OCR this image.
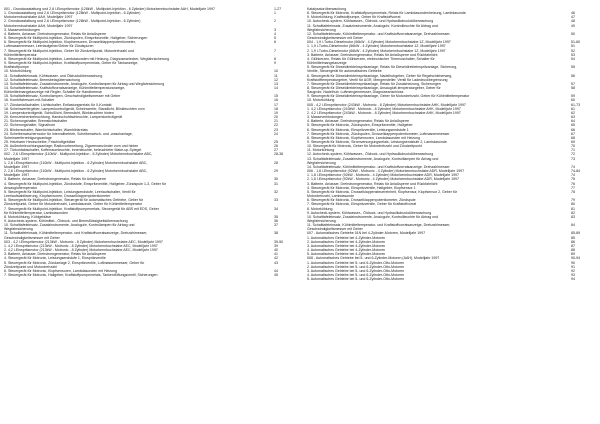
001 - Grundausstattung und 2,6 l-Einspritzmotor (128kW - Multipoint-Injektion - 6 Zylinder) Motorkennbuchstabe AAH, Modelljahr 1997	1-27
1. Grundausstattung und 2,6 l-Einspritzmotor (128kW - Multipoint-Injektion - 6 Zylinder)	1
Motorkennbuchstabe AAH, Modelljahr 1997
2. Grundausstattung und 2,6 l-Einspritzmotor (128kW - Multipoint-Injektion - 6 Zylinder)	2
Motorkennbuchstabe AAH, Modelljahr 1997
3. Masseverbindungen	3
4. Batterie, Anlasser, Drehstromgenerator, Relais für Anlaßsperre	4
5. Steuergerät für Multipoint-Injektion, Zündspulen, Einspritzventile, Hallgeber, Sicherungen	5
6. Steuergerät für Multipoint-Injektion, Klopfsensoren, Drosselklappenpotentiometer,	6
Luftmassenmesser, Leerlaufgeber/Geber für Zündspuren
7. Steuergerät für Multipoint-Injektion, Geber für Zündzeitpunkt, Motordrehzahl und	7
Kühlmitteltemperatur
8. Steuergerät für Multipoint-Injektion, Lambdasonden mit Heizung, Diagnoseselecker, Wegfahrsicherung	8
9. Steuergerät für Multipoint-Injektion, Kraftstoffpumpenrelais, Geber für Tankanzeige,	9
Kraftstoffpumpe
10. Motorkühlung	10
11. Schalttafeleinsatz, Kühlwasser- und Öldruckdüberwachung	11
12. Schalttafeleinsatz, Bremsbelagüberwachung	12
13. Schalttafeleinsatz, Zusatzinstrumente, Analoguhr, Kontrollampen für Airbag und Wegfahrsicherung	13
14. Schalttafeleinsatz, Kraftstoffvorratsanzeige, Kühlmitteltemperaturanzeige,	14
Kühlmittelmangelanzeige mit Regler, Schalter für Handbremse
15. Schalttafeleinsatz, Kontrollampen, Geschwindigkeitsmesser mit Geber	15
16. Kombifahrrsuer-mit-Schalter	16
17. Zündanlaßschalter, Lichtschalter, Entlastungsrelais für X-Kontakt	17
18. Scheinwerfergeber, Lampenkontrollgerät, Scheinwerfer, Standlicht, Blinkleuchten vorn	18
19. Lampenkontrollgerät, Schlußlicht, Bremslicht, Blinkleuchten hinten	19
20. Kennzeichenbeleuchtung, Handschuhfachleuchte, Lampenkontrollgerät	20
21. Sicherungshalter, Bremslichtschalter	21
22. Sicherungshalter, Signalhorn	22
23. Blinkerschalter, Warnlichtschalter, Warnblinkrelais	23
24. Scheibenwischermotor für Intervallbetrieb, Scheibenwisch- und -waschanlage,	24
Scheinwerferreinigungsanlage
25. Heizbarer Heckscheibe, Frischluftgebläse	25
26. Außenbeleuchtungsanlage; Radiovorbereitung, Zigarrenanzünder vorn und hinten	26
27. Türkontaktschalter, Kofferraumleuchte, Innenleuchte, beleuchteter Make-up-Spiegel	27
002 - 2,6 l-Einspritzmotor (110kW - Multipoint-Injektion - 6 Zylinder) Motorkennbuchstabe ABC,	28-38
Modelljahr 1997
1. 2,6 l-Einspritzmotor (110kW - Multipoint-Injektion - 6 Zylinder) Motorkennbuchstabe ABC,	28
Modelljahr 1997
2. 2,6 l-Einspritzmotor (110kW - Multipoint-Injektion - 6 Zylinder) Motorkennbuchstabe ABC,	29
Modelljahr 1997
3. Batterie, Anlasser, Drehstromgenerator, Relais für Anlaßsperre	30
4. Steuergerät für Multipoint-Injektion, Zündsstufe, Einspritzventile, Hallgeber, Zündspule 1-3, Geber für	31
Ansaugluftemperatur
5. Steuergerät für Multipoint-Injektion, Leistungsendstufe, Leerlaufschalter, Ventil für	32
Leerlaufstabilisierung, Klopfsensoren, Drosselklappenpotentiometer
6. Steuergerät für Multipoint-Injektion, Steuergerät für automatisches Getriebe, Geber für	33
Zündzeitpunkt, Geber für Motordrehzahl, Lambdasonde, Geber für Kühlmitteltemperatur
7. Steuergerät für Multipoint-Injektion, Kraftstoffpumpenrelais, Steuergerät für ABS mit EDS, Geber	34
für Kühlmitteltemperatur, Lambdasonden
8. Motorkühlung, Kühlgebläse	35
9. Autocheck-system, Kühlmittel-, Öldruck- und Bremsflüssigkeitsüberwachung	36
10. Schalttafeleinsatz, Zusatzinstrumente, Analoguhr, Kontrollampen für Airbag und	37
Wegfahrsicherung
11. Schalttafeleinsatz, Kühlmitteltemperatur- und Kraftstoffvorratsanzeige, Drehzahlmesser,	38
Geschwindigkeitsmesser mit Geber
003 - 4,2 l-Einspritzmotor (213kW - Motronic - 8 Zylinder) Motorkennbuchstabe AEC, Modelljahr 1997	39-50
1. 4,2 l-Einspritzmotor (213kW - Motronic - 8 Zylinder) Motorkennbuchstabe AEC, Modelljahr 1997	39
2. 4,2 l-Einspritzmotor (213kW - Motronic - 8 Zylinder) Motorkennbuchstabe AEC, Modelljahr 1997	40
3. Batterie, Anlasser, Drehstromgenerator, Relais für Anlaßsperre	41
4. Steuergerät für Motronic, Leistungsendstufe 1, Einspritzventile	42
5. Steuergerät für Motronic, Zündanlage 2, Einspritzventile, Luftmassenmesser, Geber für	43
Zündzeitpunkt und Motordrehzahl
6. Steuergerät für Motronic, Klopfsensoren, Lambdasonden mit Heizung	44
7. Steuergerät für Motronic, Hallgeber, Kraftstoffpumpenrelais, Tankentlüftungsventil, Sicherungen	45
Katalysatorüberwachung
8. Steuergerät für Motronic, Kraftstoffpumpenrelais, Relais für Lambdasondenheizung, Lambdasonde	46
9. Motorkühlung, Kraftstoffpumpe, Geber für Kraftstoffvorrat	47
10. Autocheck-system, Kühlwasser-, Öldruck- und Hydraulikdruckdüberwachung	48
11. Schalttafeleinsatz, Zusatzinstrumente, Analoguhr, Kontrollleuchte für Airbag und	49
Wegfahrsicherung
12. Schalttafeleinsatz, Kühlmitteltemperatur- und Kraftstoffvorratsanzeige, Drehzahlmesser,	50
Geschwindigkeitsmesser mit Geber
004 - 1,9 l-Turbo-Dieselmotor (66kW - 4 Zylinder) Motorkennbuchstabe 1Z, Modelljahr 1997	51-60
1. 1,9 l-Turbo-Dieselmotor (66kW - 4 Zylinder) Motorkennbuchstabe 1Z, Modelljahr 1997	51
2. 1,9 l-Turbo-Dieselmotor (66kW - 4 Zylinder) Motorkennbuchstabe 1Z, Modelljahr 1997	52
3. Batterie, Anlasser, Drehstromgenerator, Relais für Anlaßsperre und Rückfahrlicht	53
4. Glühkerzen, Relais für Glühkerzen, elektronischer Thermoschalter, Schalter für	54
Kühlmittelmangelanzeige
5. Steuergerät für Dieseldirekteinspritzanlage, Relais für Dieseldirekteinspritzanlage, Sicherung,	55
Ventile, Steuergerät für automatisches Getriebe
6. Steuergerät für Dieseldirekteinspritzanlage, Nadelhubgeber, Geber für Regelschieberweg,	56
Kraftstofftemperaturgeber, Ventil für AGR, Mengensteller, Ventil für Ladedruckbegrenzung
7. Steuergerät für Dieseldirekteinspritzanlage, Relais für Zusatzheizung, Sicherungen	57
8. Steuergerät für Dieseldirekteinspritzanlage, Ansaugluft-temperaturgeber, Geber für	58
Saugrohr, Nadelhub, Luftmengenmesser, Diagnoseanschluss
9. Steuergerät für Dieseldirekteinspritzanlage, Geber für Motordrehzahl, Geber für Kühlmitteltemperatur	59
10. Motorkühlung	60
005 - 4,2 l-Einspritzmotor (243kW - Motronic - 8 Zylinder) Motorkennbuchstabe AHK, Modelljahr 1997	61-73
1. 4,2 l-Einspritzmotor (243kW - Motronic - 8 Zylinder) Motorkennbuchstabe AHK, Modelljahr 1997	61
2. 4,2 l-Einspritzmotor (243kW - Motronic - 8 Zylinder) Motorkennbuchstabe AHK, Modelljahr 1997	62
3. Masseverbindungen	63
4. Batterie, Anlasser, Drehstromgenerator, Relais für Anlaßsperre	64
5. Steuergerät für Motronic, Zündspulen, Einspritzventile, Hallgeber	65
6. Steuergerät für Motronic, Einspritzventile, Leistungsendstufe 1	66
7. Steuergerät für Motronic, Zündspulen, Drosselklappenpotentiometer, Luftmassenmesser	67
8. Steuergerät für Motronic, Klopfsensoren, Lambdasonden mit Heizung	68
9. Steuergerät für Motronic, Stromversorgungsrelais, Leistungsendstufe 2, Lambdasonde	69
10. Steuergerät für Motronic, Geber für Motordrehzahl und Zündzeitpunkt	70
11. Motorkühlung	71
12. Autocheck-system, Kühlwasser-, Öldruck- und Hydraulikdruckdüberwachung	72
13. Schalttafeleinsatz, Zusatzinstrumente, Analoguhr, Kontrolllampen für Airbag und	73
Wegfahrsicherung
14. Schalttafeleinsatz, Kühlmitteltemperatur- und Kraftstoffvorratsanzeige, Drehzahlmesser	74
006 - 1,8 l-Einspritzmotor (92kW - Motronic - 4 Zylinder) Motorkennbuchstabe ADR, Modelljahr 1997	74-84
1. 1,8 l-Einspritzmotor (92kW - Motronic - 4 Zylinder) Motorkennbuchstabe ADR, Modelljahr 1997	74
2. 1,8 l-Einspritzmotor (92kW - Motronic - 4 Zylinder) Motorkennbuchstabe ADR, Modelljahr 1997	75
3. Batterie, Anlasser, Drehstromgenerator, Relais für Anlaßsperre und Rückfahrlicht	76
4. Steuergerät für Motronic, Einspritzventile, Hallgeber, Klopfsensor 1	77
5. Steuergerät für Motronic, Drosselklappensteuereinheit, Klopfsensor, Klopfsensor 2, Geber für	78
Motordrehzahl, Lambdasonde
6. Steuergerät für Motronic, Drosselklappenpotentiometer, Zündspule	79
7. Steuergerät für Motronic, Einspritzventile, Geber für Kraftstoffvorrat	80
8. Motorkühlung	81
9. Autocheck-system, Kühlwasser-, Öldruck- und Hydraulikdruckdüberwachung	82
10. Schalttafeleinsatz, Zusatzinstrumente, Analoguhr, Kontrollleuchte für Airbag und	83
Wegfahrsicherung
11. Schalttafeleinsatz, Kühlmitteltemperatur- und Kraftstoffvorratsanzeige, Drehzahlmesser,	84
Geschwindigkeitsmesser mit Geber
007 - Automatisches Getriebe 01N bei 4-Zylinder-Motoren, Modelljahr 1997	85-89
1. Automatisches Getriebe bei 4-Zylinder-Motoren	85
2. Automatisches Getriebe bei 4-Zylinder-Motoren	86
3. Automatisches Getriebe bei 4-Zylinder-Motoren	87
4. Automatisches Getriebe bei 4-Zylinder-Motoren	88
5. Automatisches Getriebe bei 4-Zylinder-Motoren	89
008 - Automatisches Getriebe bei 5- und 6-Zylinder-Motoren (AAH), Modelljahr 1997	90-94
1. Automatisches Getriebe bei 5- und 6-Zylinder-Otto-Motoren	90
2. Automatisches Getriebe bei 5- und 6-Zylinder-Otto-Motoren	91
3. Automatisches Getriebe bei 5- und 6-Zylinder-Otto-Motoren	92
4. Automatisches Getriebe bei 5- und 6-Zylinder-Otto-Motoren	93
5. Automatisches Getriebe bei 5- und 6-Zylinder-Otto-Motoren	94
